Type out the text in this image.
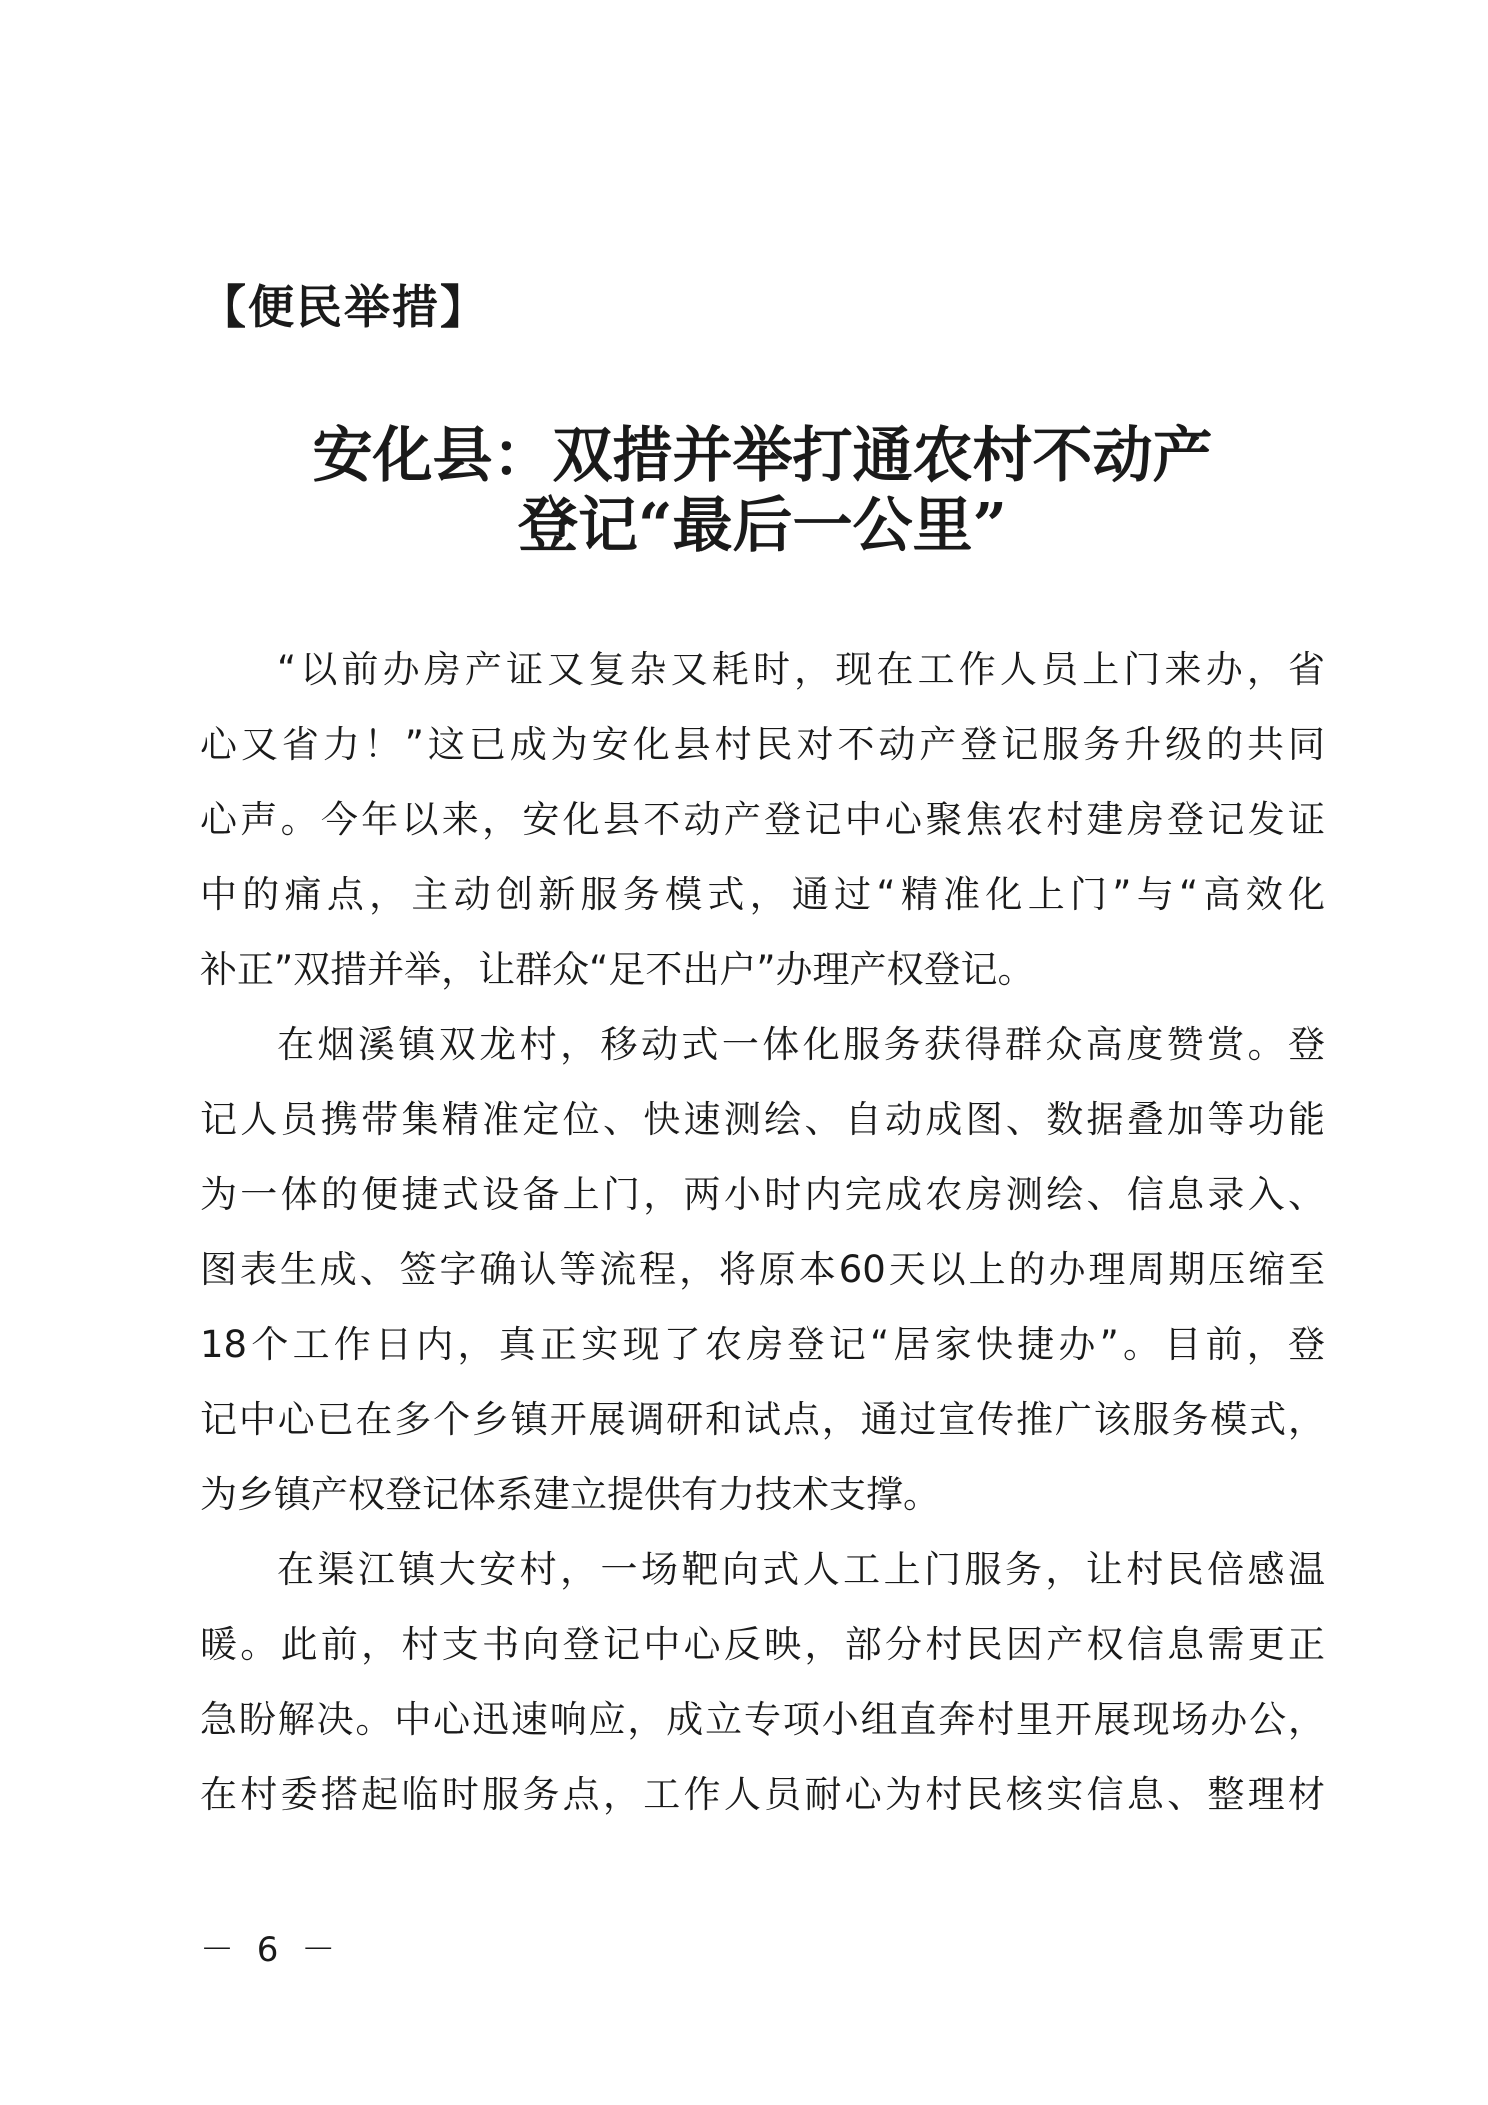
【便民举措】
安化县：双措并举打通农村不动产
登记“最后一公里”

“以前办房产证又复杂又耗时，现在工作人员上门来办，省
心又省力！”这已成为安化县村民对不动产登记服务升级的共同
心声。今年以来，安化县不动产登记中心聚焦农村建房登记发证
中的痛点，主动创新服务模式，通过“精准化上门”与“高效化
补正”双措并举，让群众“足不出户”办理产权登记。

在烟溪镇双龙村，移动式一体化服务获得群众高度赞赏。登
记人员携带集精准定位、快速测绘、自动成图、数据叠加等功能
为一体的便捷式设备上门，两小时内完成农房测绘、信息录入、
图表生成、签字确认等流程，将原本60天以上的办理周期压缩至
18个工作日内，真正实现了农房登记“居家快捷办”。目前，登
记中心已在多个乡镇开展调研和试点，通过宣传推广该服务模式，
为乡镇产权登记体系建立提供有力技术支撑。

在渠江镇大安村，一场靶向式人工上门服务，让村民倍感温
暖。此前，村支书向登记中心反映，部分村民因产权信息需更正
急盼解决。中心迅速响应，成立专项小组直奔村里开展现场办公，
在村委搭起临时服务点，工作人员耐心为村民核实信息、整理材

－ 6 －
